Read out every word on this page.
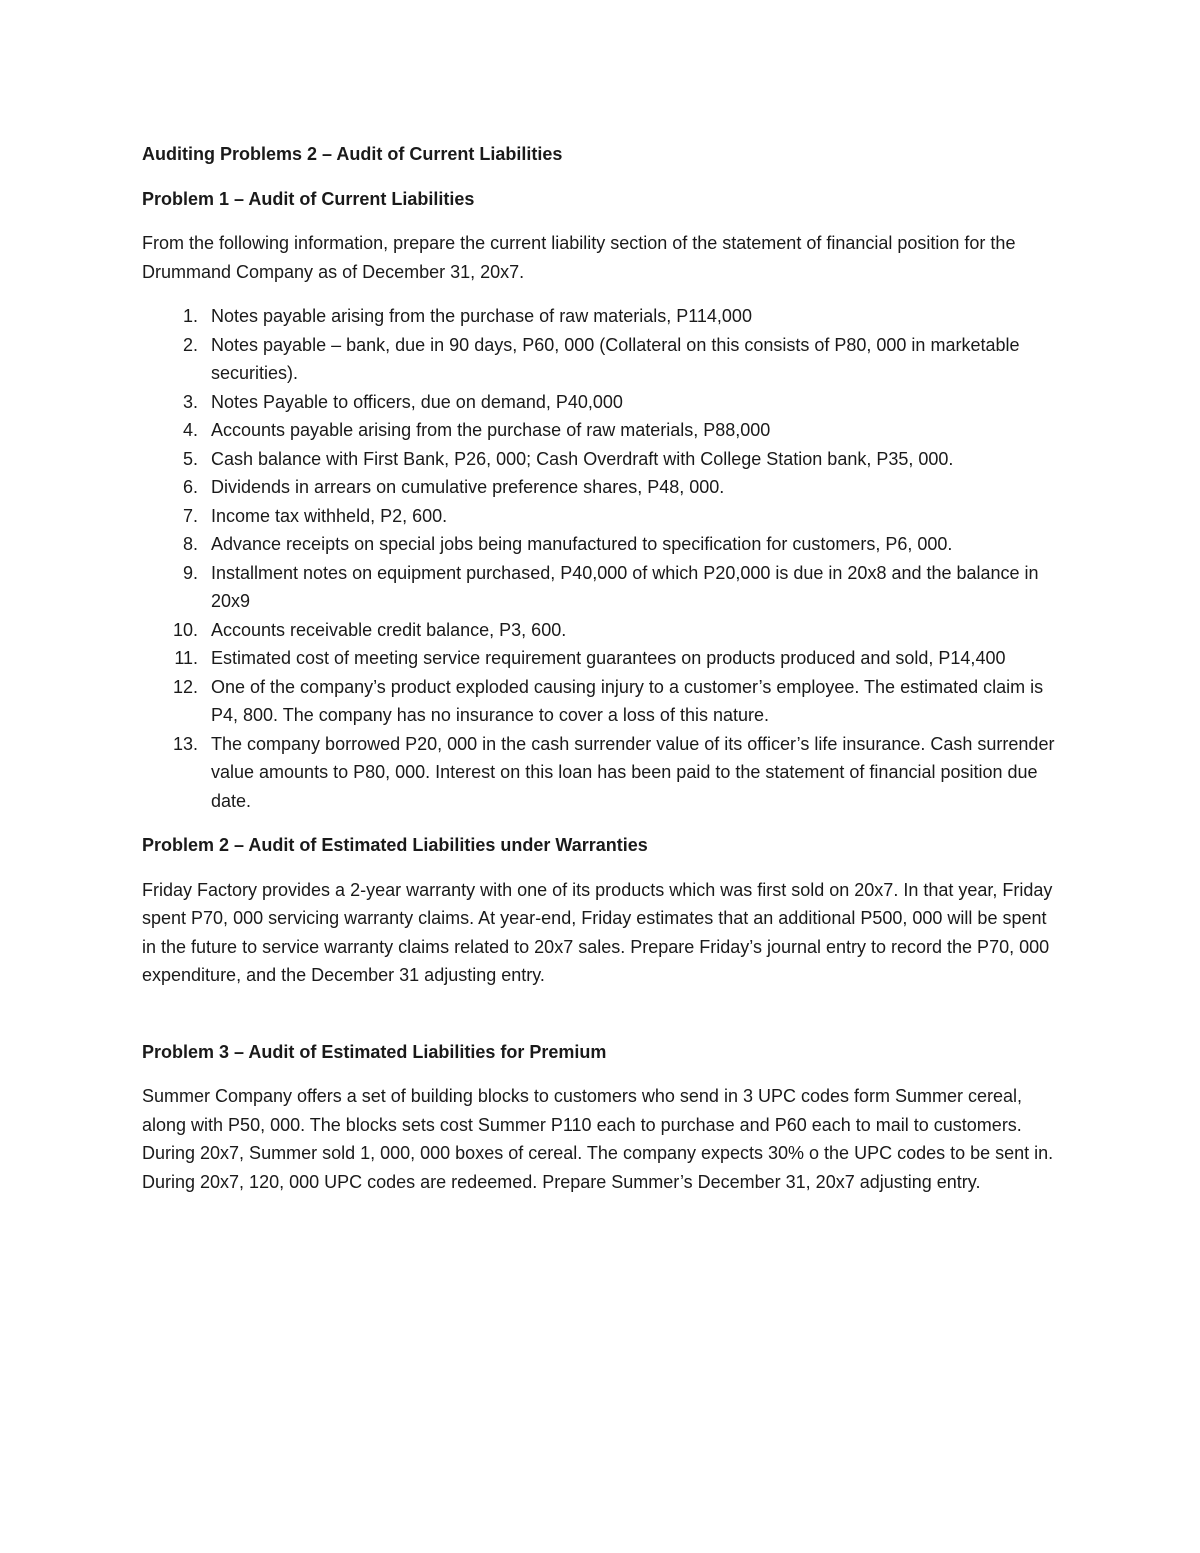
Auditing Problems 2 – Audit of Current Liabilities
Problem 1 – Audit of Current Liabilities
From the following information, prepare the current liability section of the statement of financial position for the Drummand Company as of December 31, 20x7.
1. Notes payable arising from the purchase of raw materials, P114,000
2. Notes payable – bank, due in 90 days, P60, 000 (Collateral on this consists of P80, 000 in marketable securities).
3. Notes Payable to officers, due on demand, P40,000
4. Accounts payable arising from the purchase of raw materials, P88,000
5. Cash balance with First Bank, P26, 000; Cash Overdraft with College Station bank, P35, 000.
6. Dividends in arrears on cumulative preference shares, P48, 000.
7. Income tax withheld, P2, 600.
8. Advance receipts on special jobs being manufactured to specification for customers, P6, 000.
9. Installment notes on equipment purchased, P40,000 of which P20,000 is due in 20x8 and the balance in 20x9
10. Accounts receivable credit balance, P3, 600.
11. Estimated cost of meeting service requirement guarantees on products produced and sold, P14,400
12. One of the company’s product exploded causing injury to a customer’s employee. The estimated claim is P4, 800. The company has no insurance to cover a loss of this nature.
13. The company borrowed P20, 000 in the cash surrender value of its officer’s life insurance. Cash surrender value amounts to P80, 000. Interest on this loan has been paid to the statement of financial position due date.
Problem 2 – Audit of Estimated Liabilities under Warranties
Friday Factory provides a 2-year warranty with one of its products which was first sold on 20x7. In that year, Friday spent P70, 000 servicing warranty claims. At year-end, Friday estimates that an additional P500, 000 will be spent in the future to service warranty claims related to 20x7 sales. Prepare Friday’s journal entry to record the P70, 000 expenditure, and the December 31 adjusting entry.
Problem 3 – Audit of Estimated Liabilities for Premium
Summer Company offers a set of building blocks to customers who send in 3 UPC codes form Summer cereal, along with P50, 000. The blocks sets cost Summer P110 each to purchase and P60 each to mail to customers. During 20x7, Summer sold 1, 000, 000 boxes of cereal. The company expects 30% o the UPC codes to be sent in. During 20x7, 120, 000 UPC codes are redeemed. Prepare Summer’s December 31, 20x7 adjusting entry.
